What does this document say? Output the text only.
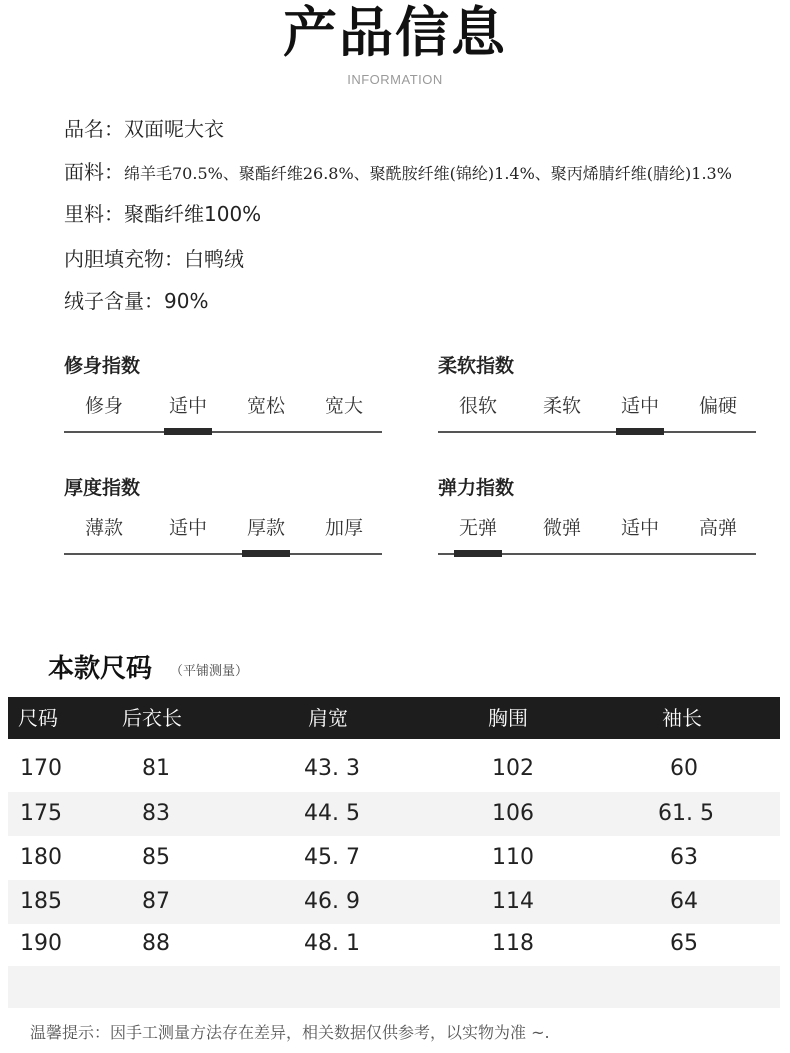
产品信息
INFORMATION
品名：双面呢大衣
面料：绵羊毛70.5%、聚酯纤维26.8%、聚酰胺纤维(锦纶)1.4%、聚丙烯腈纤维(腈纶)1.3%
里料：聚酯纤维100%
内胆填充物：白鸭绒
绒子含量：90%
修身指数
修身	适中	宽松	宽大
柔软指数
很软	柔软	适中	偏硬
厚度指数
薄款	适中	厚款	加厚
弹力指数
无弹	微弹	适中	高弹
本款尺码 （平铺测量）
尺码	后衣长	肩宽	胸围	袖长
170	81	43. 3	102	60
175	83	44. 5	106	61. 5
180	85	45. 7	110	63
185	87	46. 9	114	64
190	88	48. 1	118	65
温馨提示：因手工测量方法存在差异，相关数据仅供参考，以实物为准 ~.
